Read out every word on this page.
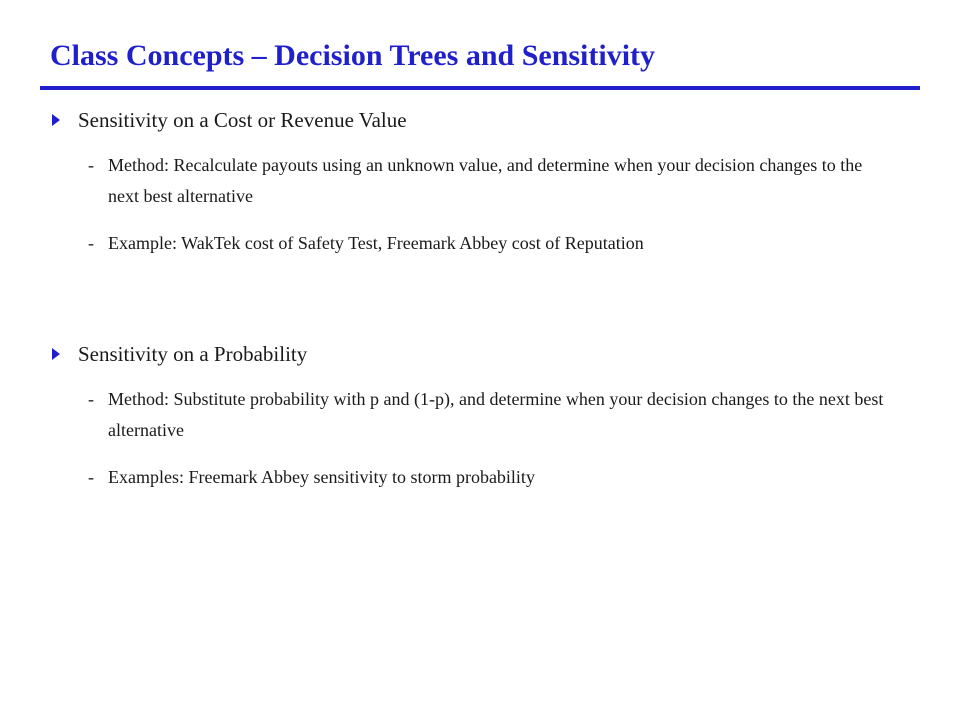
Class Concepts – Decision Trees and Sensitivity
Sensitivity on a Cost or Revenue Value
- Method: Recalculate payouts using an unknown value, and determine when your decision changes to the next best alternative
- Example: WakTek cost of Safety Test, Freemark Abbey cost of Reputation
Sensitivity on a Probability
- Method: Substitute probability with p and (1-p), and determine when your decision changes to the next best alternative
- Examples: Freemark Abbey sensitivity to storm probability
